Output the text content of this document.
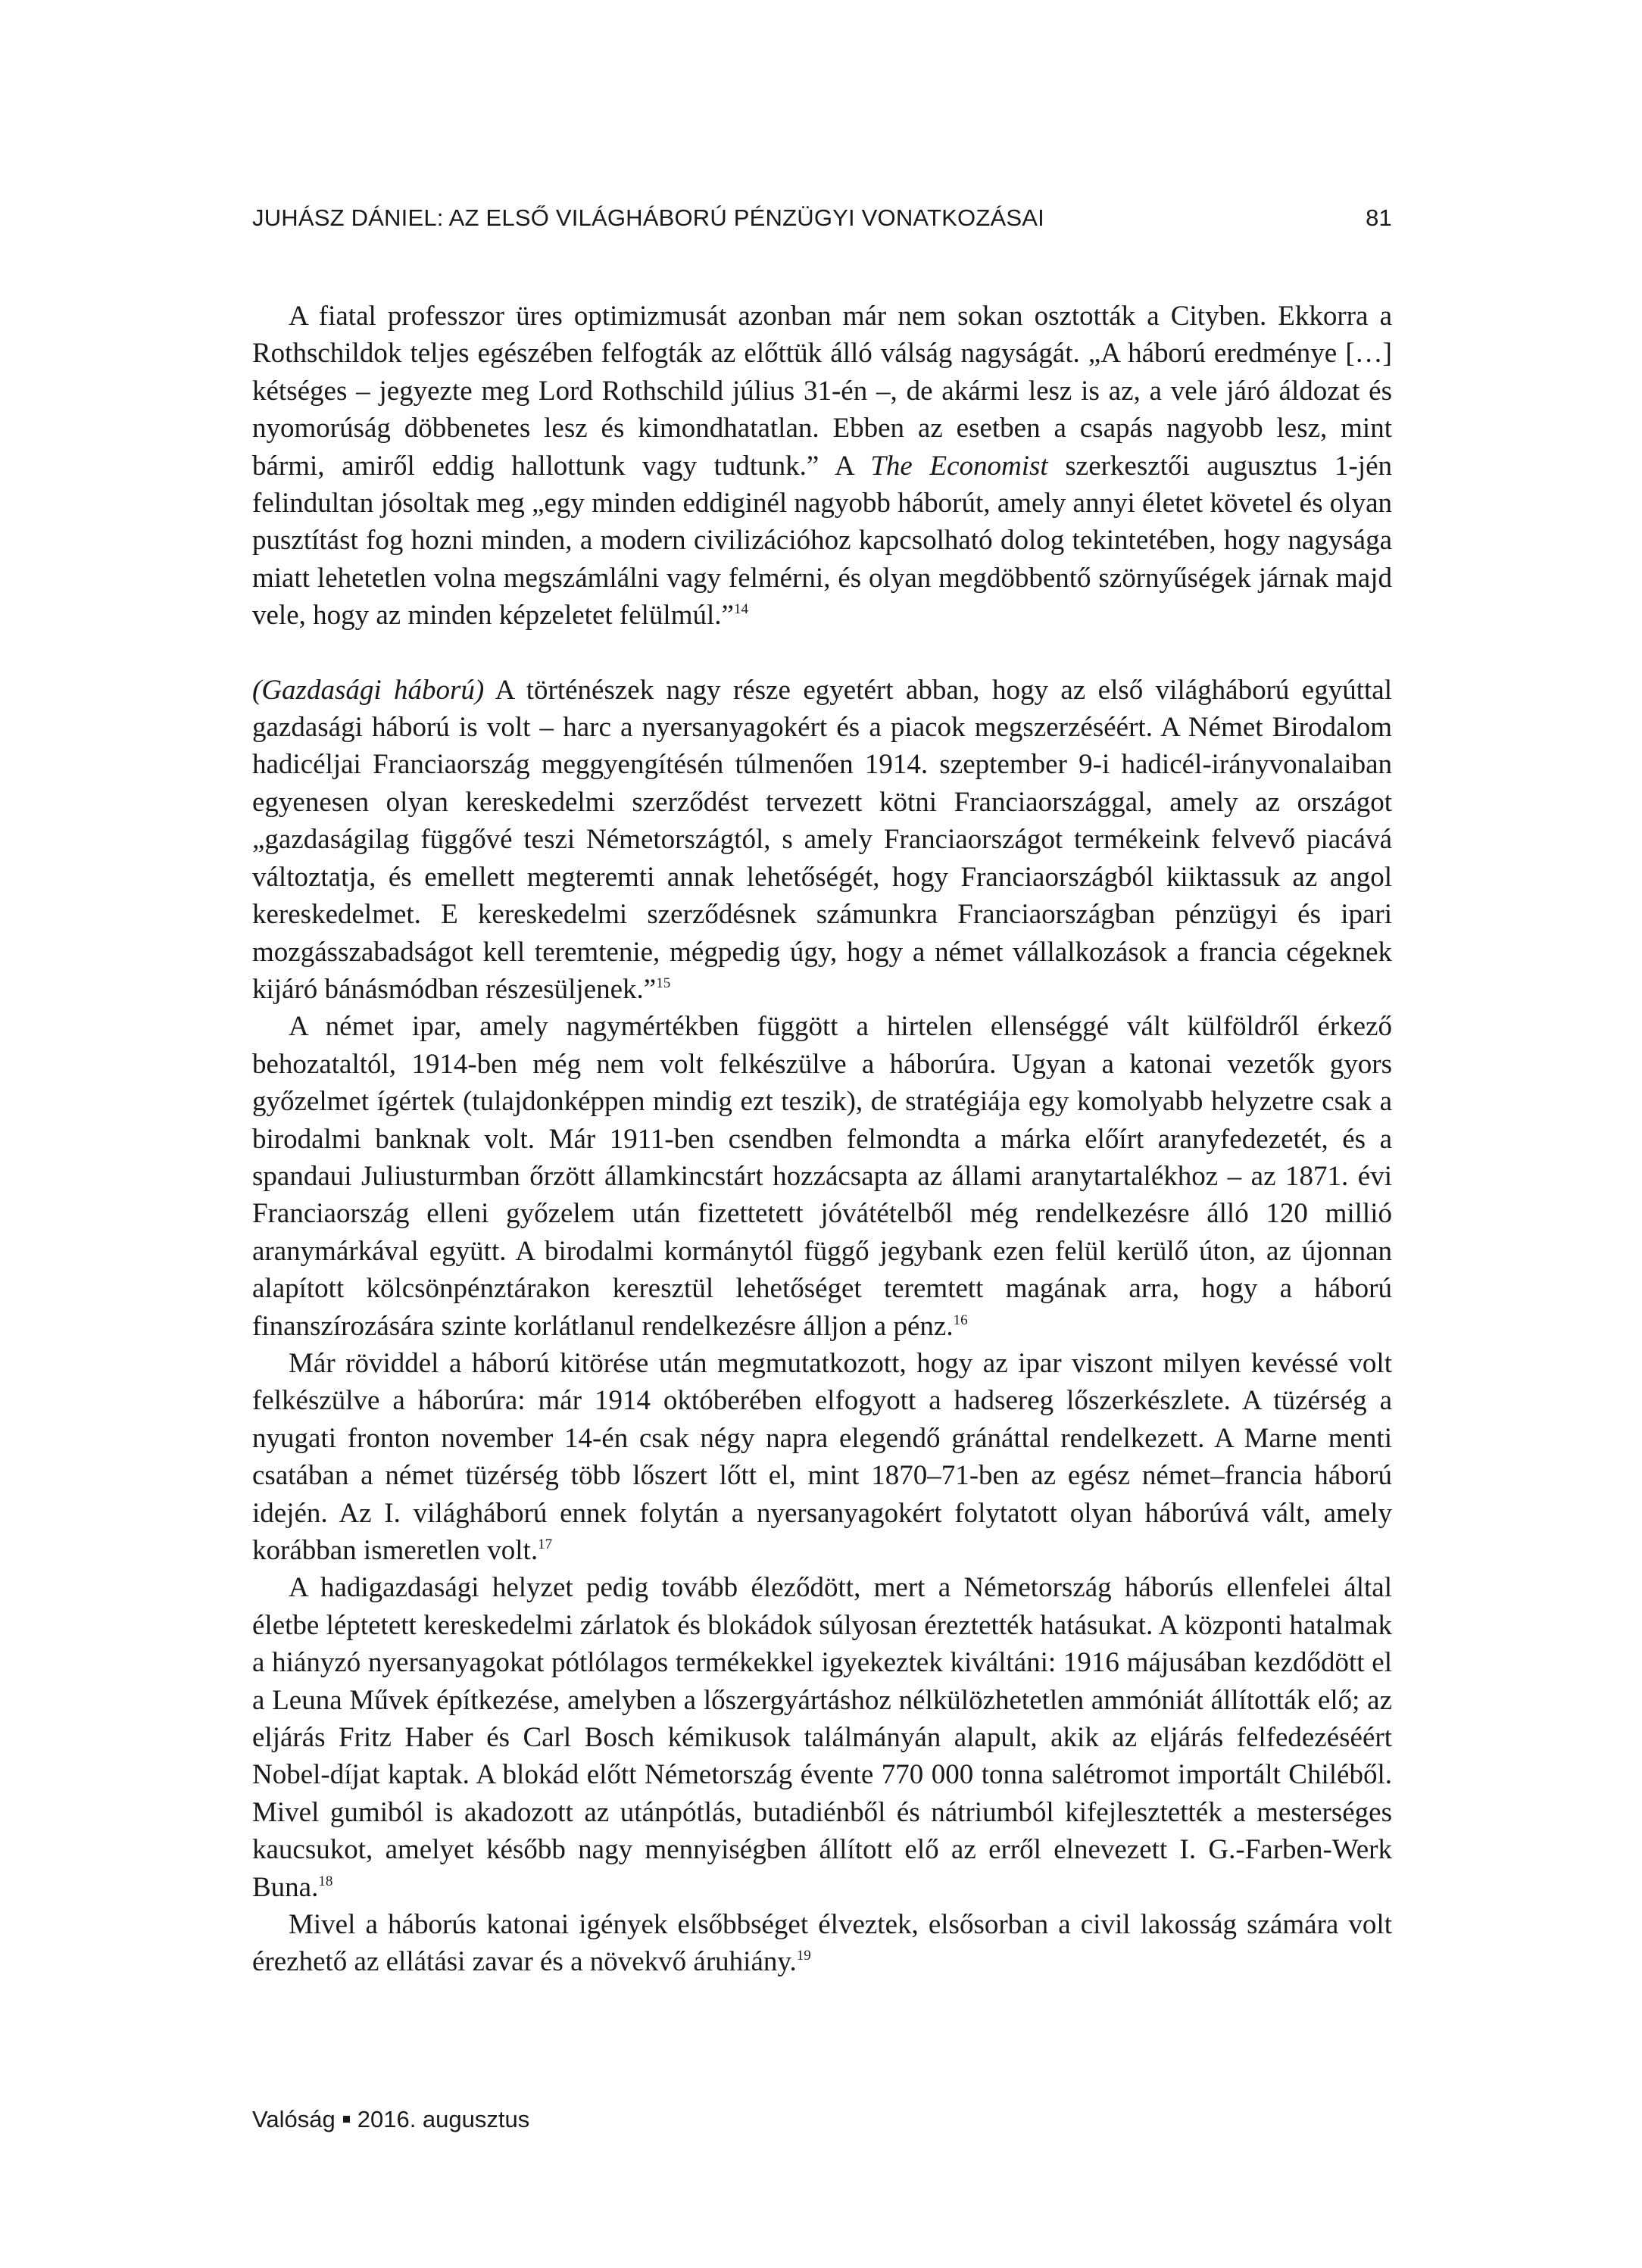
JUHÁSZ DÁNIEL: AZ ELSŐ VILÁGHÁBORÚ PÉNZÜGYI VONATKOZÁSAI	81

A fiatal professzor üres optimizmusát azonban már nem sokan osztották a Cityben. Ekkorra a Rothschildok teljes egészében felfogták az előttük álló válság nagyságát. „A háború eredménye […] kétséges – jegyezte meg Lord Rothschild július 31-én –, de akármi lesz is az, a vele járó áldozat és nyomorúság döbbenetes lesz és kimondhatatlan. Ebben az esetben a csapás nagyobb lesz, mint bármi, amiről eddig hallottunk vagy tudtunk.” A The Economist szerkesztői augusztus 1-jén felindultan jósoltak meg „egy minden eddiginél nagyobb háborút, amely annyi életet követel és olyan pusztítást fog hozni minden, a modern civilizációhoz kapcsolható dolog tekintetében, hogy nagysága miatt lehetetlen volna megszámlálni vagy felmérni, és olyan megdöbbentő szörnyűségek járnak majd vele, hogy az minden képzeletet felülmúl.”$^{14}$

(Gazdasági háború) A történészek nagy része egyetért abban, hogy az első világháború egyúttal gazdasági háború is volt – harc a nyersanyagokért és a piacok megszerzéséért. A Német Birodalom hadicéljai Franciaország meggyengítésén túlmenően 1914. szeptember 9-i hadicél-irányvonalaiban egyenesen olyan kereskedelmi szerződést tervezett kötni Franciaországgal, amely az országot „gazdaságilag függővé teszi Németországtól, s amely Franciaországot termékeink felvevő piacává változtatja, és emellett megteremti annak lehetőségét, hogy Franciaországból kiiktassuk az angol kereskedelmet. E kereskedelmi szerződésnek számunkra Franciaországban pénzügyi és ipari mozgásszabadságot kell teremtenie, mégpedig úgy, hogy a német vállalkozások a francia cégeknek kijáró bánásmódban részesüljenek.”$^{15}$

A német ipar, amely nagymértékben függött a hirtelen ellenséggé vált külföldről érkező behozataltól, 1914-ben még nem volt felkészülve a háborúra. Ugyan a katonai vezetők gyors győzelmet ígértek (tulajdonképpen mindig ezt teszik), de stratégiája egy komolyabb helyzetre csak a birodalmi banknak volt. Már 1911-ben csendben felmondta a márka előírt aranyfedezetét, és a spandaui Juliusturmban őrzött államkincstárt hozzácsapta az állami aranytartalékhoz – az 1871. évi Franciaország elleni győzelem után fizettetett jóvátételből még rendelkezésre álló 120 millió aranymárkával együtt. A birodalmi kormánytól függő jegybank ezen felül kerülő úton, az újonnan alapított kölcsönpénztárakon keresztül lehetőséget teremtett magának arra, hogy a háború finanszírozására szinte korlátlanul rendelkezésre álljon a pénz.$^{16}$

Már röviddel a háború kitörése után megmutatkozott, hogy az ipar viszont milyen kevéssé volt felkészülve a háborúra: már 1914 októberében elfogyott a hadsereg lőszerkészlete. A tüzérség a nyugati fronton november 14-én csak négy napra elegendő gránáttal rendelkezett. A Marne menti csatában a német tüzérség több lőszert lőtt el, mint 1870–71-ben az egész német–francia háború idején. Az I. világháború ennek folytán a nyersanyagokért folytatott olyan háborúvá vált, amely korábban ismeretlen volt.$^{17}$

A hadigazdasági helyzet pedig tovább éleződött, mert a Németország háborús ellenfelei által életbe léptetett kereskedelmi zárlatok és blokádok súlyosan éreztették hatásukat. A központi hatalmak a hiányzó nyersanyagokat pótlólagos termékekkel igyekeztek kiváltáni: 1916 májusában kezdődött el a Leuna Művek építkezése, amelyben a lőszergyártáshoz nélkülözhetetlen ammóniát állították elő; az eljárás Fritz Haber és Carl Bosch kémikusok találmányán alapult, akik az eljárás felfedezéséért Nobel-díjat kaptak. A blokád előtt Németország évente 770 000 tonna salétromot importált Chiléből. Mivel gumiból is akadozott az utánpótlás, butadiénből és nátriumból kifejlesztették a mesterséges kaucsukot, amelyet később nagy mennyiségben állított elő az erről elnevezett I. G.-Farben-Werk Buna.$^{18}$

Mivel a háborús katonai igények elsőbbséget élveztek, elsősorban a civil lakosság számára volt érezhető az ellátási zavar és a növekvő áruhiány.$^{19}$

Valóság 2016. augusztus
